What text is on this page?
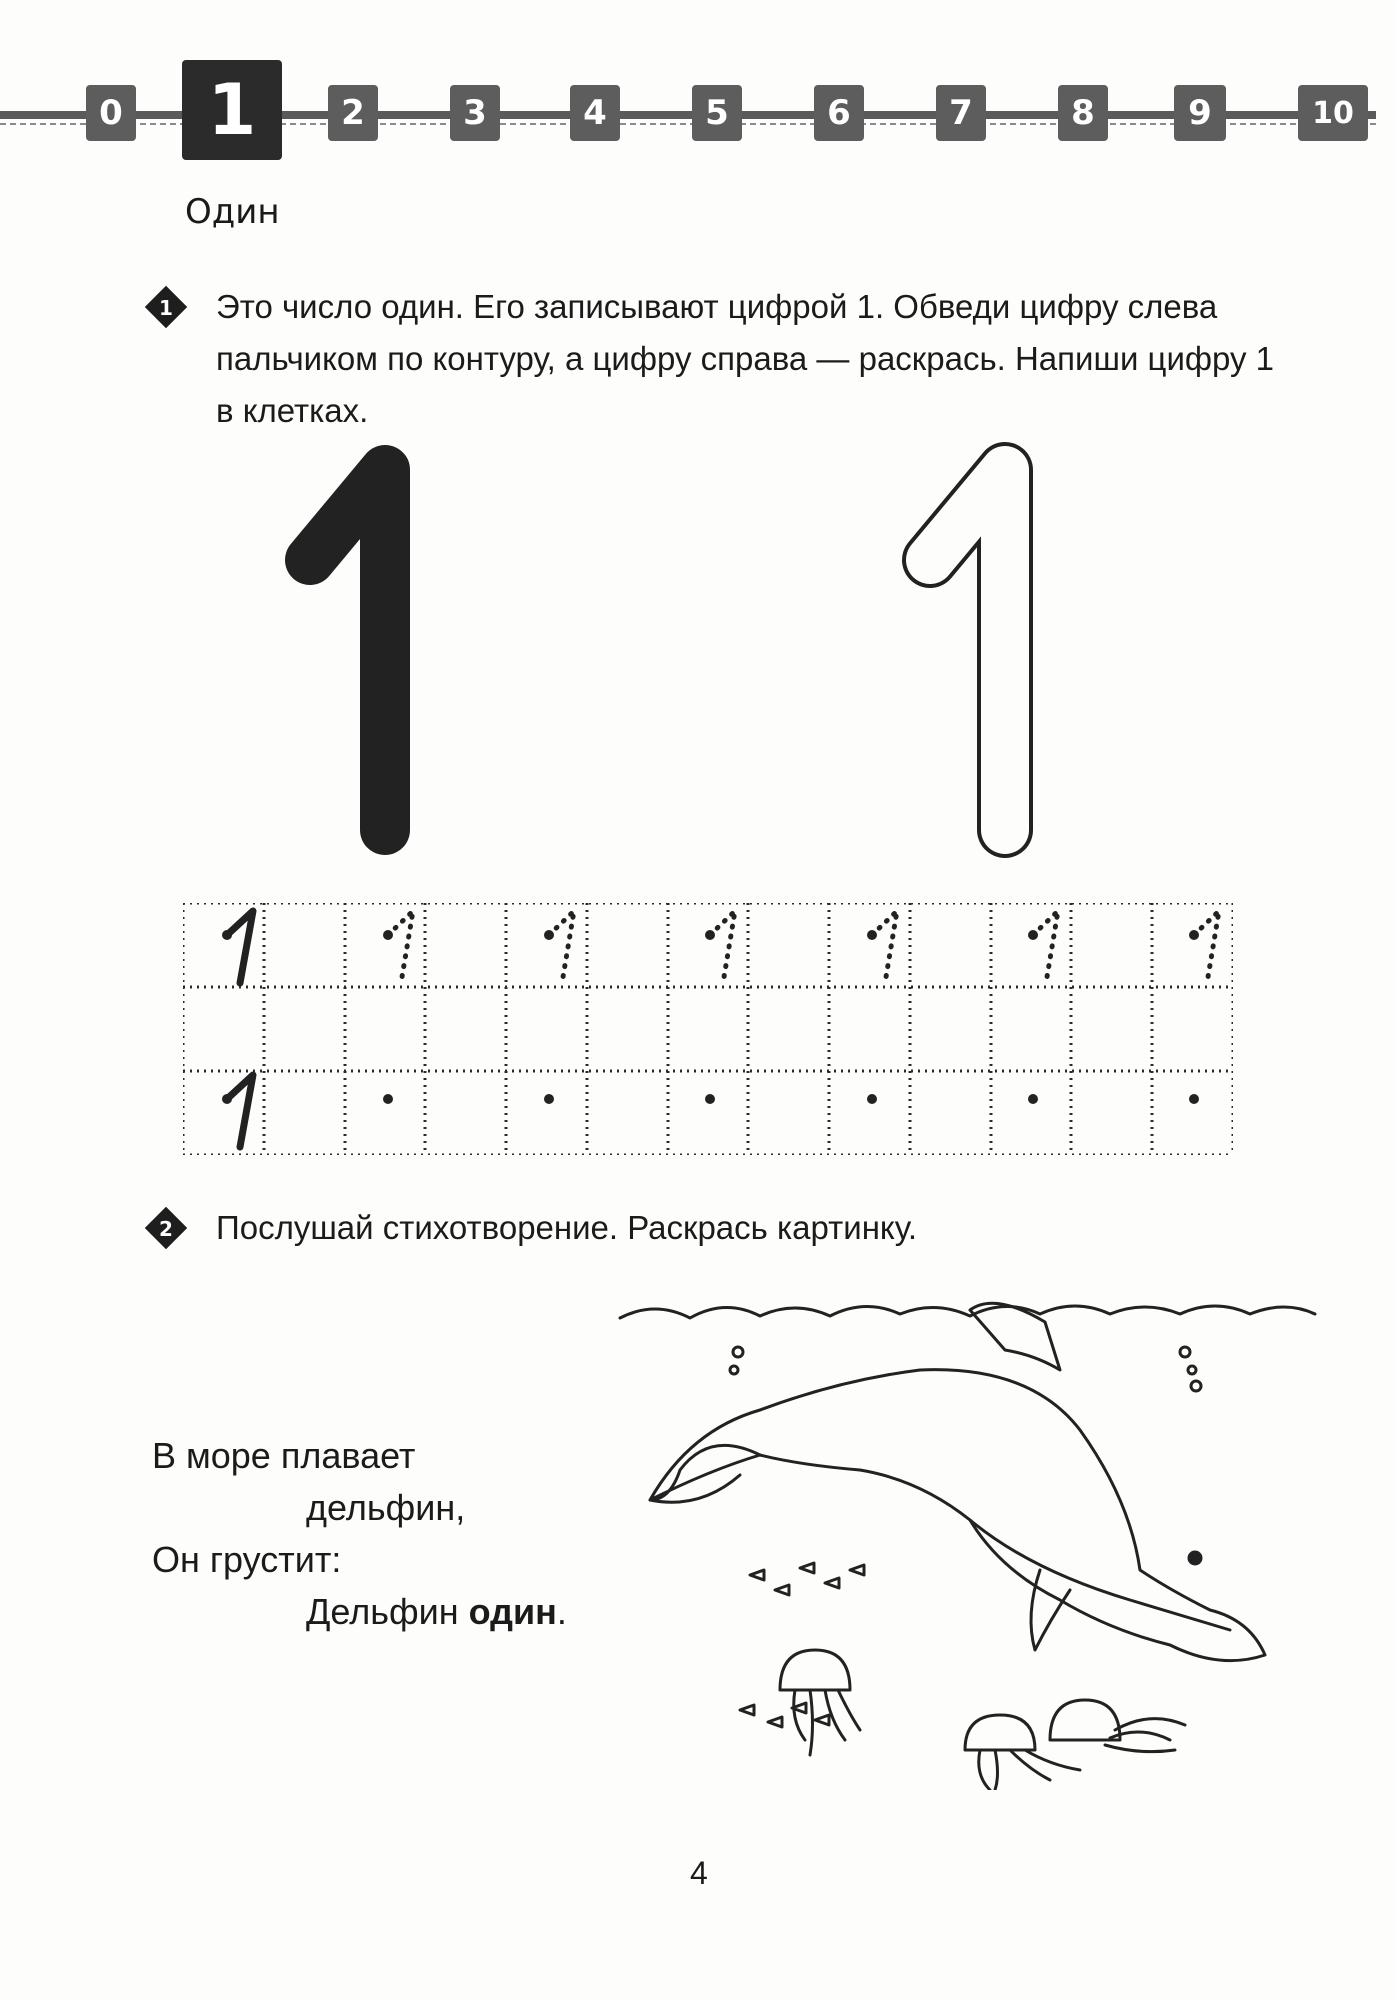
0	1	2	3	4	5	6	7	8	9	10
Один
1 Это число один. Его записывают цифрой 1. Обведи цифру слева
пальчиком по контуру, а цифру справа — раскрась. Напиши цифру 1
в клетках.
2 Послушай стихотворение. Раскрась картинку.
В море плавает
дельфин,
Он грустит:
Дельфин один.
4
